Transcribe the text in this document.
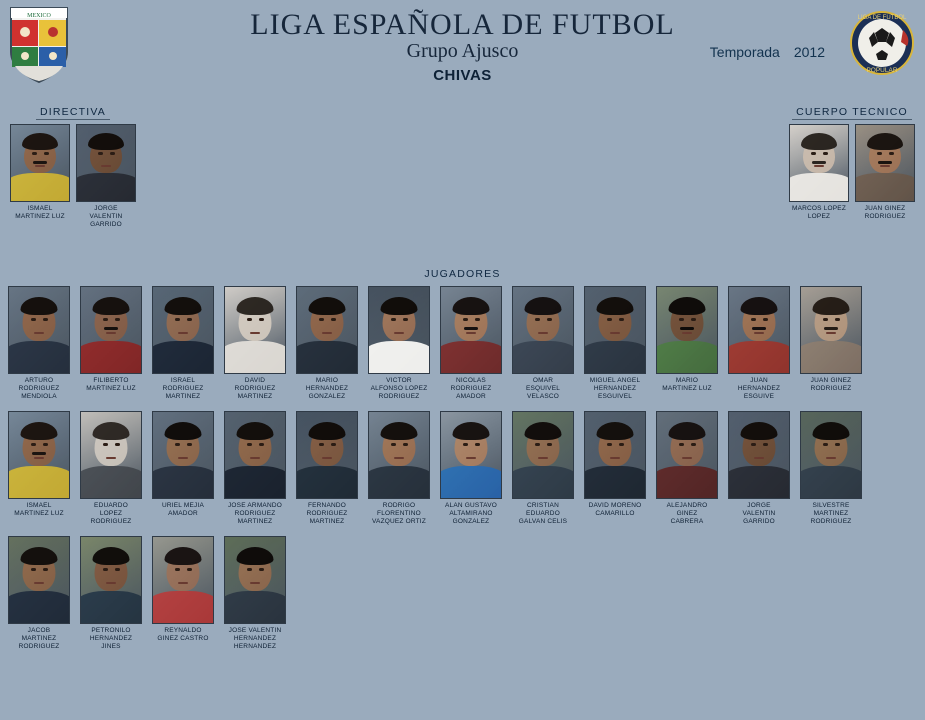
MEXICO	LIGA ESPAÑOLA DE FUTBOL
Grupo Ajusco	Temporada 2012
LIGA DE FUTBOL
POPULAR
CHIVAS
DIRECTIVA
ISMAEL
MARTINEZ LUZ
JORGE
VALENTIN
GARRIDO
CUERPO TECNICO
MARCOS LOPEZ
LOPEZ
JUAN GINEZ
RODRIGUEZ
JUGADORES
ARTURO
RODRIGUEZ
MENDIOLA
FILIBERTO
MARTINEZ LUZ
ISRAEL
RODRIGUEZ
MARTINEZ
DAVID
RODRIGUEZ
MARTINEZ
MARIO
HERNANDEZ
GONZALEZ
VICTOR
ALFONSO LOPEZ
RODRIGUEZ
NICOLAS
RODRIGUEZ
AMADOR
OMAR
ESQUIVEL
VELASCO
MIGUEL ANGEL
HERNANDEZ
ESGUIVEL
MARIO
MARTINEZ LUZ
JUAN
HERNANDEZ
ESGUIVE
JUAN GINEZ
RODRIGUEZ
ISMAEL
MARTINEZ LUZ
EDUARDO
LOPEZ
RODRIGUEZ
URIEL MEJIA
AMADOR
JOSE ARMANDO
RODRIGUEZ
MARTINEZ
FERNANDO
RODRIGUEZ
MARTINEZ
RODRIGO
FLORENTINO
VAZQUEZ ORTIZ
ALAN GUSTAVO
ALTAMIRANO
GONZALEZ
CRISTIAN
EDUARDO
GALVAN CELIS
DAVID MORENO
CAMARILLO
ALEJANDRO
GINEZ
CABRERA
JORGE
VALENTIN
GARRIDO
SILVESTRE
MARTINEZ
RODRIGUEZ
JACOB
MARTINEZ
RODRIGUEZ
PETRONILO
HERNANDEZ
JINES
REYNALDO
GINEZ CASTRO
JOSE VALENTIN
HERNANDEZ
HERNANDEZ
